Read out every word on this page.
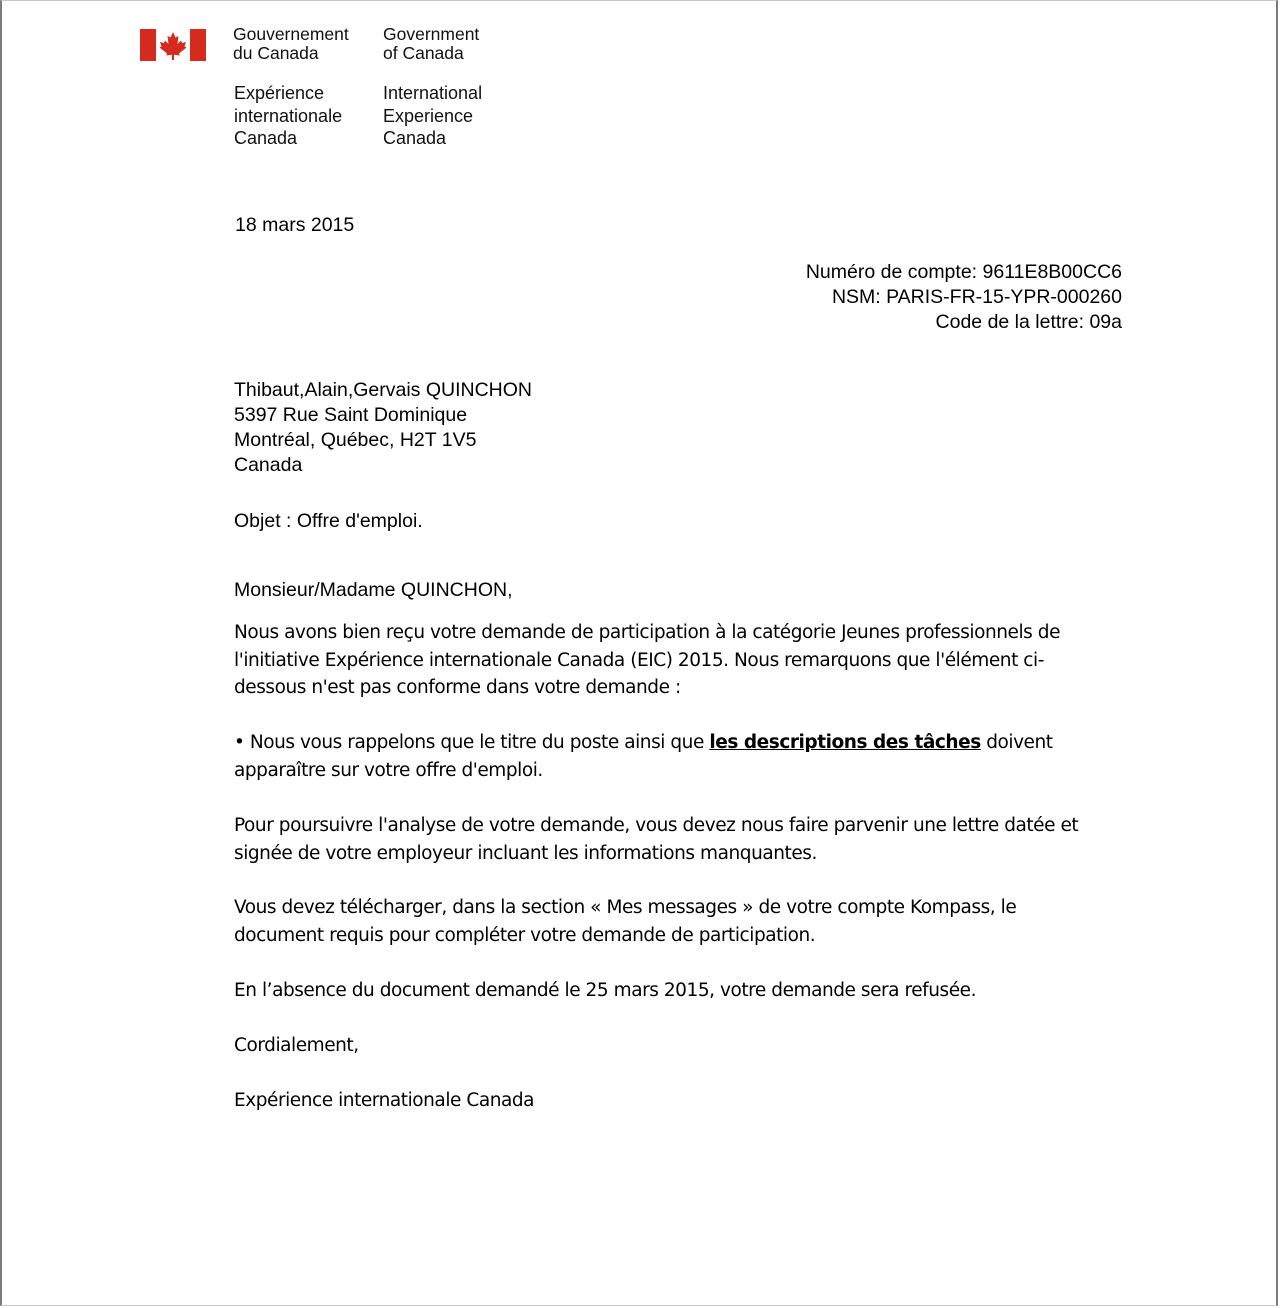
Gouvernement
du Canada
Government
of Canada
Expérience
internationale
Canada
International
Experience
Canada
18 mars 2015
Numéro de compte: 9611E8B00CC6
NSM: PARIS-FR-15-YPR-000260
Code de la lettre: 09a
Thibaut,Alain,Gervais QUINCHON
5397 Rue Saint Dominique
Montréal, Québec, H2T 1V5
Canada
Objet : Offre d'emploi.
Monsieur/Madame QUINCHON,
Nous avons bien reçu votre demande de participation à la catégorie Jeunes professionnels de
l'initiative Expérience internationale Canada (EIC) 2015. Nous remarquons que l'élément ci-
dessous n'est pas conforme dans votre demande :
• Nous vous rappelons que le titre du poste ainsi que les descriptions des tâches doivent
apparaître sur votre offre d'emploi.
Pour poursuivre l'analyse de votre demande, vous devez nous faire parvenir une lettre datée et
signée de votre employeur incluant les informations manquantes.
Vous devez télécharger, dans la section « Mes messages » de votre compte Kompass, le
document requis pour compléter votre demande de participation.
En l’absence du document demandé le 25 mars 2015, votre demande sera refusée.
Cordialement,
Expérience internationale Canada
